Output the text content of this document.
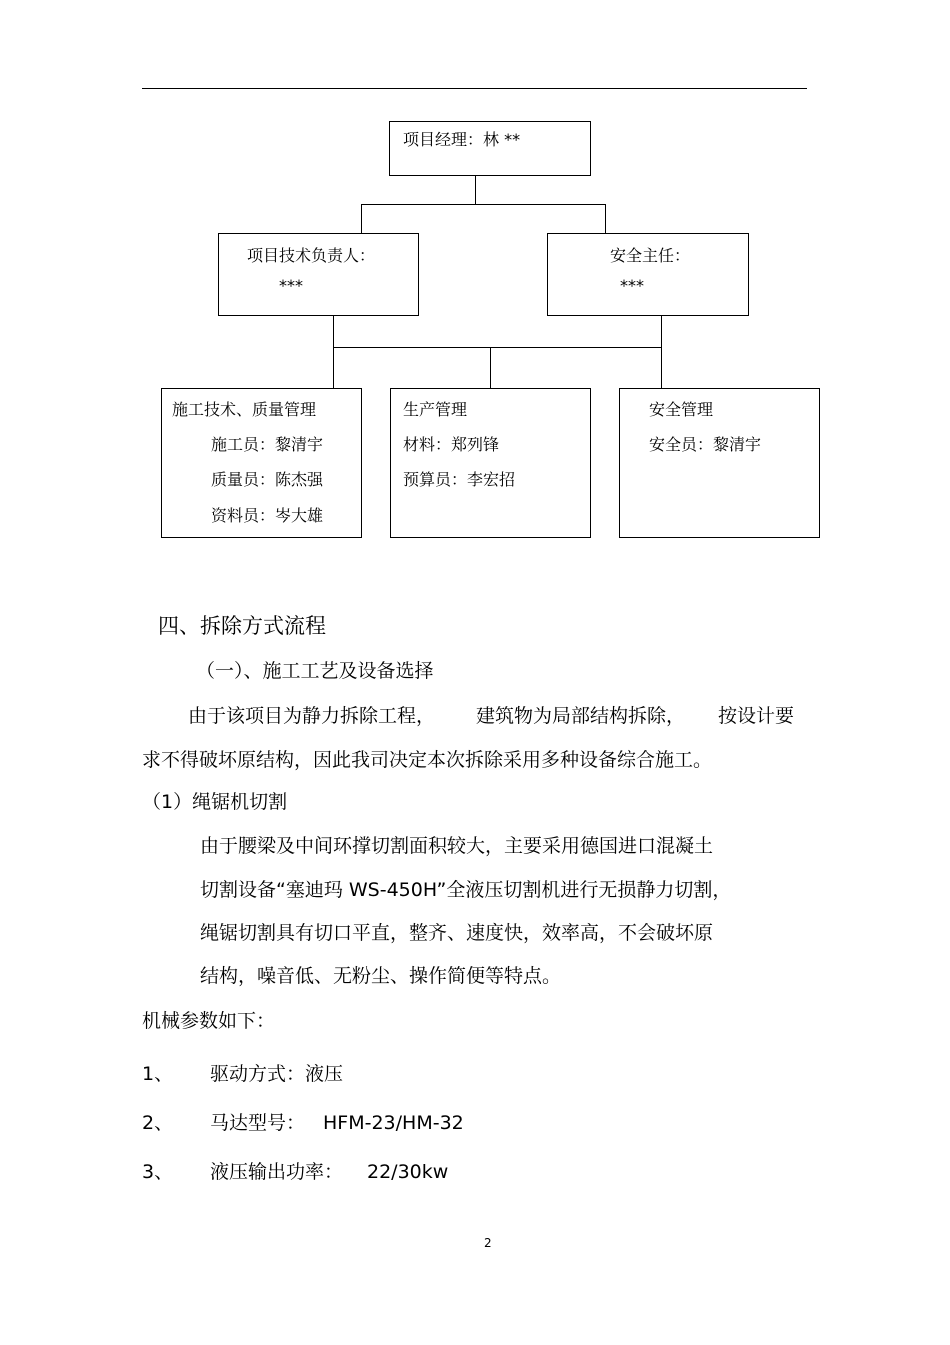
项目经理：林 **
项目技术负责人：
***
安全主任：
***
施工技术、质量管理
施工员：黎清宇
质量员：陈杰强
资料员：岑大雄
生产管理
材料：郑列锋
预算员：李宏招
安全管理
安全员：黎清宇
四、拆除方式流程
（一）、施工工艺及设备选择
由于该项目为静力拆除工程， 建筑物为局部结构拆除， 按设计要
求不得破坏原结构，因此我司决定本次拆除采用多种设备综合施工。
（1）绳锯机切割
由于腰梁及中间环撑切割面积较大，主要采用德国进口混凝土
切割设备“塞迪玛 WS-450H”全液压切割机进行无损静力切割，
绳锯切割具有切口平直，整齐、速度快，效率高，不会破坏原
结构，噪音低、无粉尘、操作简便等特点。
机械参数如下：
1、 驱动方式：液压
2、 马达型号： HFM-23/HM-32
3、 液压输出功率： 22/30kw
2
